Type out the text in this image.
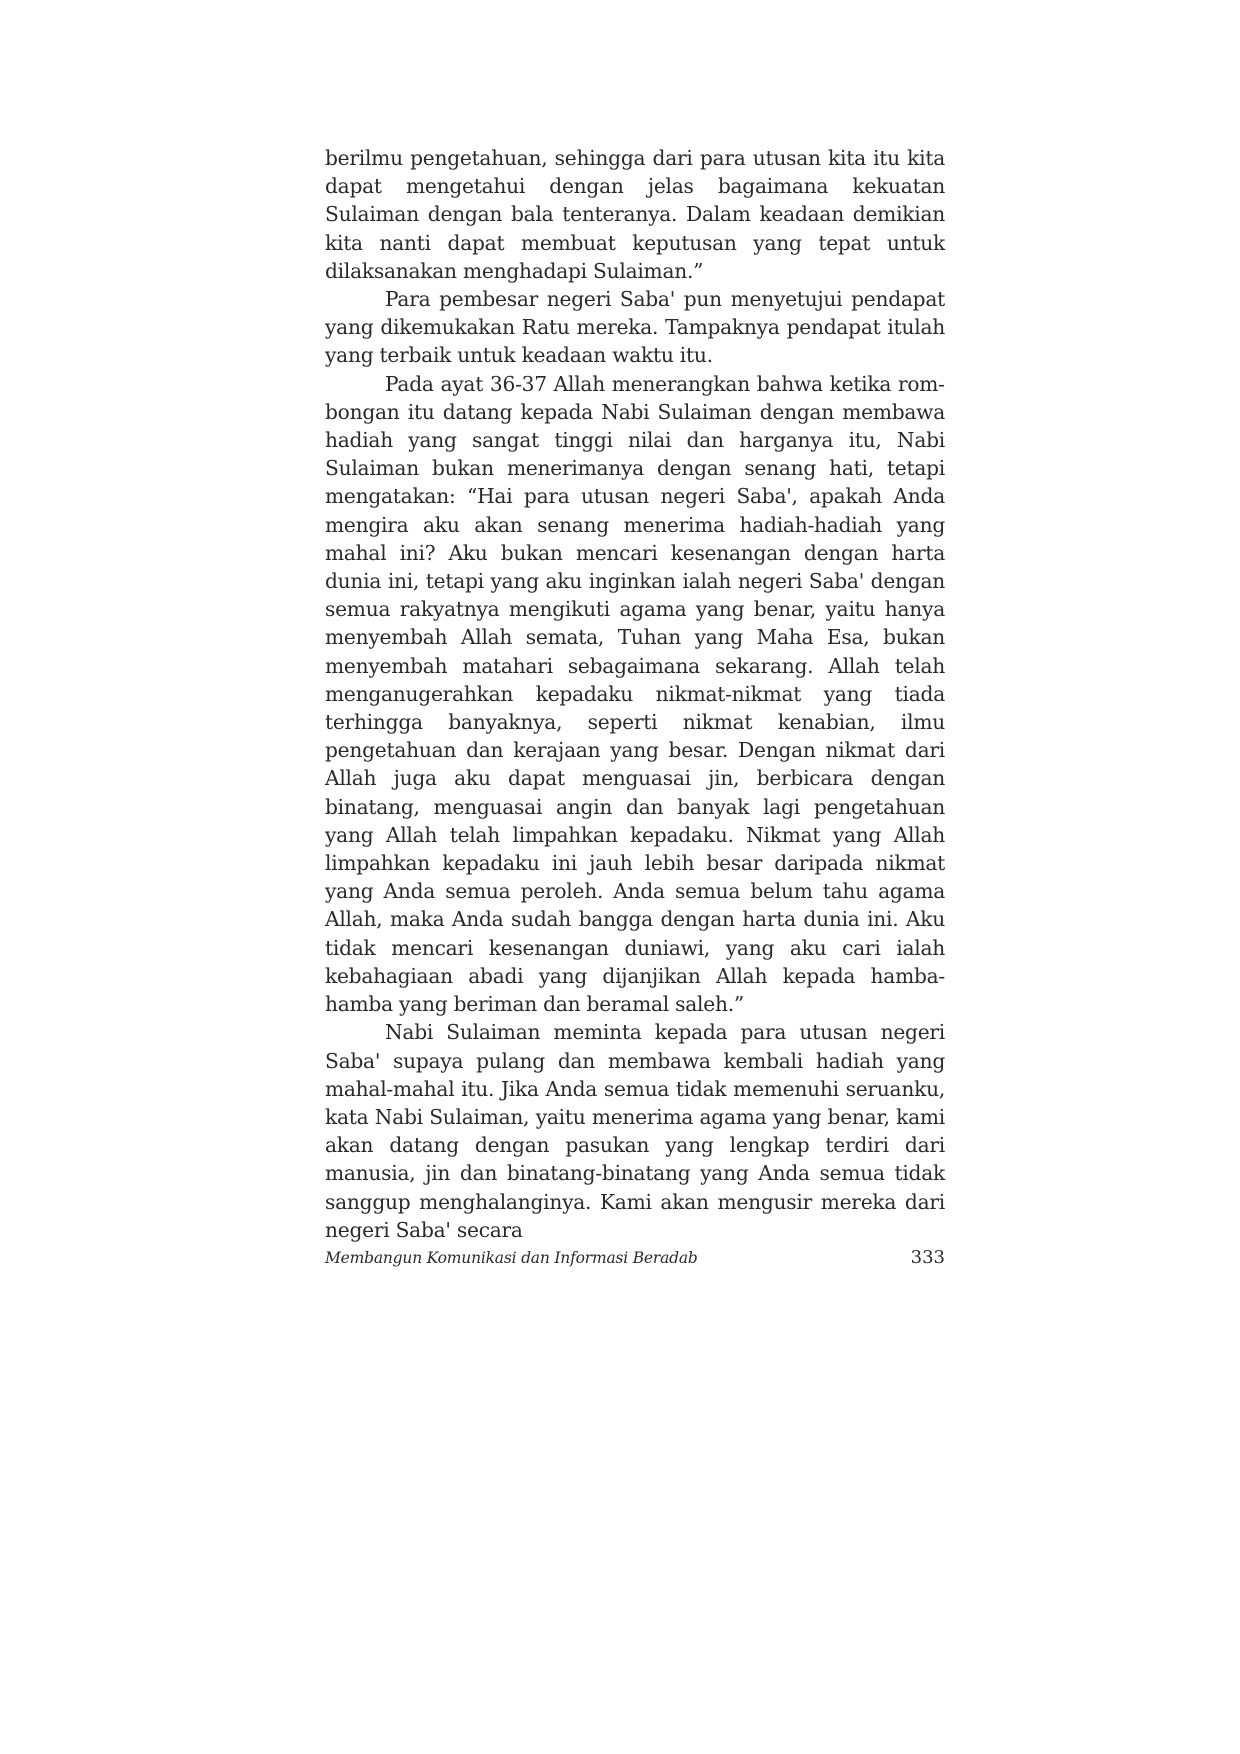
berilmu pengetahuan, sehingga dari para utusan kita itu kita dapat mengetahui dengan jelas bagaimana kekuatan Sulaiman dengan bala tenteranya. Dalam keadaan demikian kita nanti dapat membuat keputusan yang tepat untuk dilaksanakan menghadapi Sulaiman.”

Para pembesar negeri Saba' pun menyetujui pendapat yang dikemukakan Ratu mereka. Tampaknya pendapat itulah yang terbaik untuk keadaan waktu itu.

Pada ayat 36-37 Allah menerangkan bahwa ketika rombongan itu datang kepada Nabi Sulaiman dengan membawa hadiah yang sangat tinggi nilai dan harganya itu, Nabi Sulaiman bukan menerimanya dengan senang hati, tetapi mengatakan: “Hai para utusan negeri Saba', apakah Anda mengira aku akan senang menerima hadiah-hadiah yang mahal ini? Aku bukan mencari kesenangan dengan harta dunia ini, tetapi yang aku inginkan ialah negeri Saba' dengan semua rakyatnya mengikuti agama yang benar, yaitu hanya menyembah Allah semata, Tuhan yang Maha Esa, bukan menyembah matahari sebagaimana sekarang. Allah telah menganugerahkan kepadaku nikmat-nikmat yang tiada terhingga banyaknya, seperti nikmat kenabian, ilmu pengetahuan dan kerajaan yang besar. Dengan nikmat dari Allah juga aku dapat menguasai jin, berbicara dengan binatang, menguasai angin dan banyak lagi pengetahuan yang Allah telah limpahkan kepadaku. Nikmat yang Allah limpahkan kepadaku ini jauh lebih besar daripada nikmat yang Anda semua peroleh. Anda semua belum tahu agama Allah, maka Anda sudah bangga dengan harta dunia ini. Aku tidak mencari kesenangan duniawi, yang aku cari ialah kebahagiaan abadi yang dijanjikan Allah kepada hamba-hamba yang beriman dan beramal saleh.”

Nabi Sulaiman meminta kepada para utusan negeri Saba' supaya pulang dan membawa kembali hadiah yang mahal-mahal itu. Jika Anda semua tidak memenuhi seruanku, kata Nabi Sulaiman, yaitu menerima agama yang benar, kami akan datang dengan pasukan yang lengkap terdiri dari manusia, jin dan binatang-binatang yang Anda semua tidak sanggup menghalanginya. Kami akan mengusir mereka dari negeri Saba' secara

Membangun Komunikasi dan Informasi Beradab	333
